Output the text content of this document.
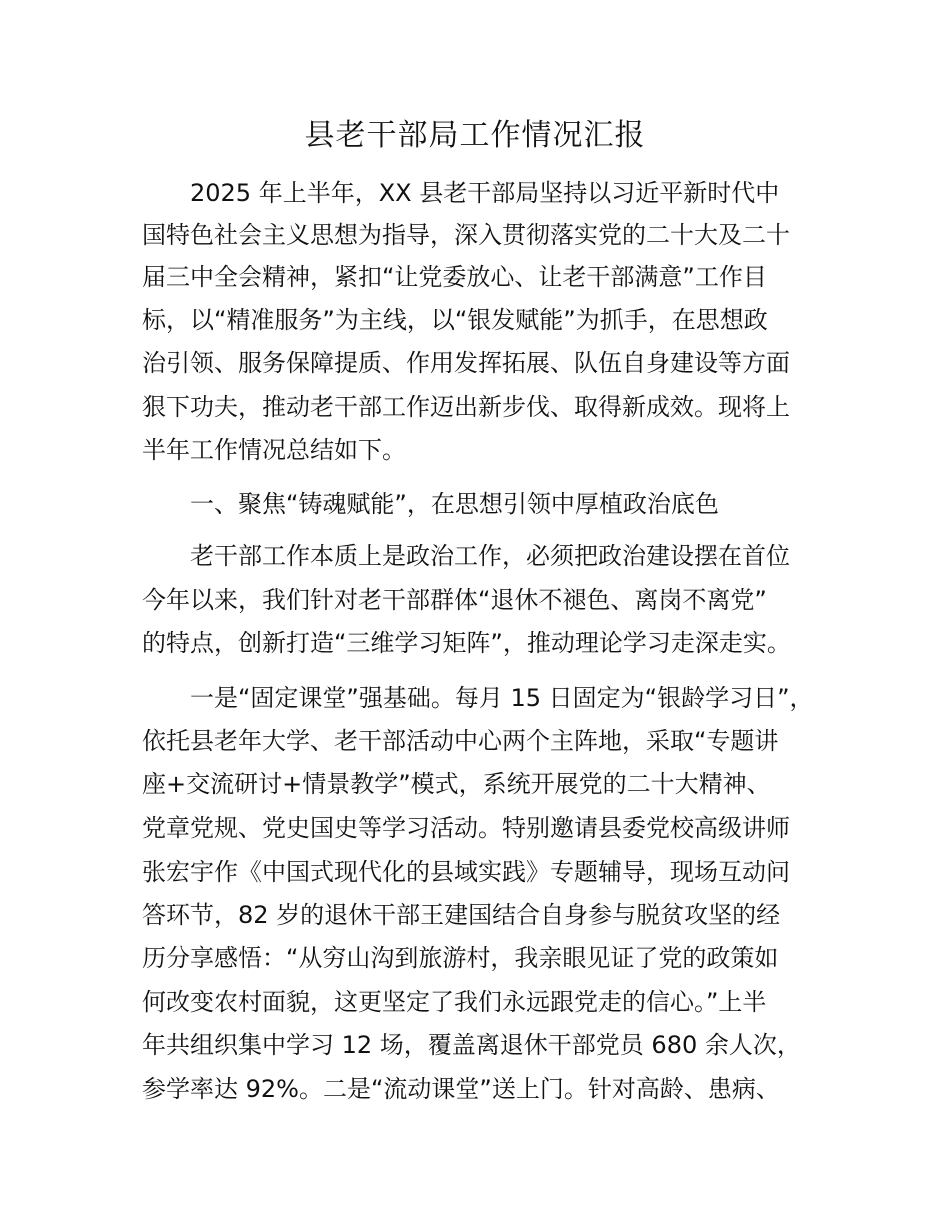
县老干部局工作情况汇报

2025 年上半年，XX 县老干部局坚持以习近平新时代中

国特色社会主义思想为指导，深入贯彻落实党的二十大及二十

届三中全会精神，紧扣“让党委放心、让老干部满意”工作目

标，以“精准服务”为主线，以“银发赋能”为抓手，在思想政

治引领、服务保障提质、作用发挥拓展、队伍自身建设等方面

狠下功夫，推动老干部工作迈出新步伐、取得新成效。现将上

半年工作情况总结如下。

一、聚焦“铸魂赋能”，在思想引领中厚植政治底色

老干部工作本质上是政治工作，必须把政治建设摆在首位

今年以来，我们针对老干部群体“退休不褪色、离岗不离党”

的特点，创新打造“三维学习矩阵”，推动理论学习走深走实。

一是“固定课堂”强基础。每月 15 日固定为“银龄学习日”，

依托县老年大学、老干部活动中心两个主阵地，采取“专题讲

座+交流研讨+情景教学”模式，系统开展党的二十大精神、

党章党规、党史国史等学习活动。特别邀请县委党校高级讲师

张宏宇作《中国式现代化的县域实践》专题辅导，现场互动问

答环节，82 岁的退休干部王建国结合自身参与脱贫攻坚的经

历分享感悟：“从穷山沟到旅游村，我亲眼见证了党的政策如

何改变农村面貌，这更坚定了我们永远跟党走的信心。”上半

年共组织集中学习 12 场，覆盖离退休干部党员 680 余人次，

参学率达 92%。二是“流动课堂”送上门。针对高龄、患病、
